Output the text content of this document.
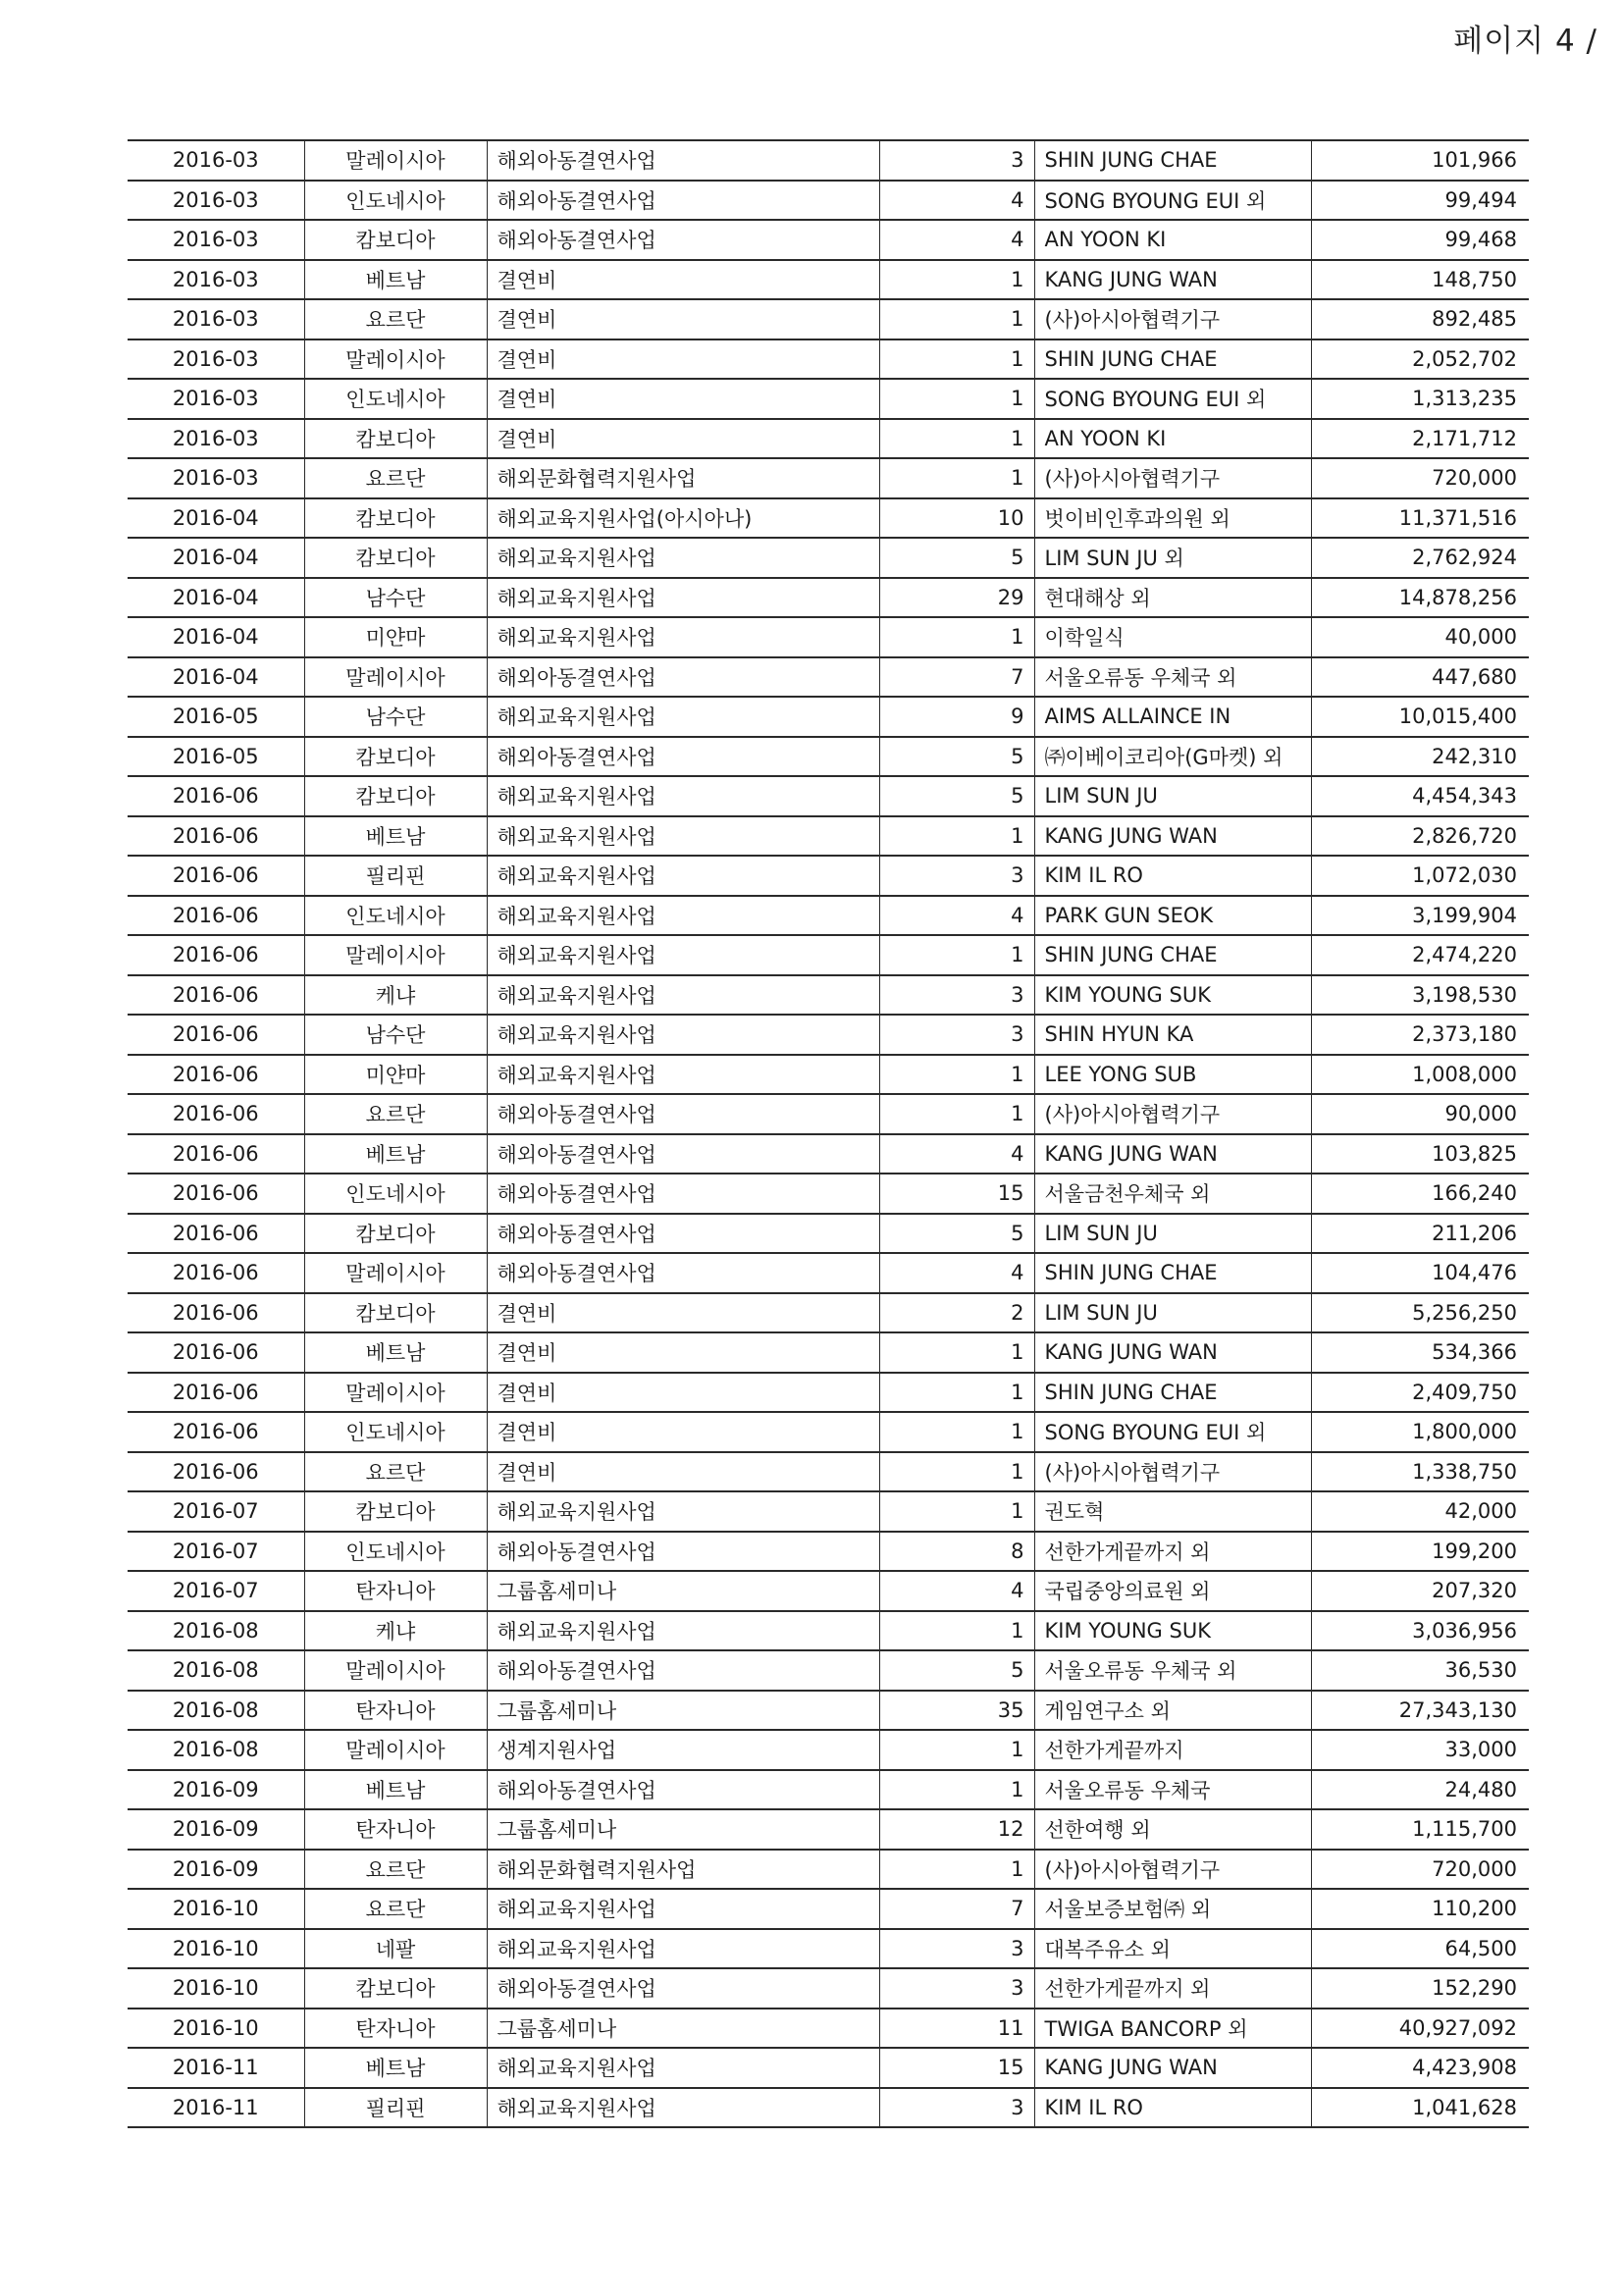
페이지 4 /
2016-03	말레이시아	해외아동결연사업	3	SHIN JUNG CHAE	101,966
2016-03	인도네시아	해외아동결연사업	4	SONG BYOUNG EUI 외	99,494
2016-03	캄보디아	해외아동결연사업	4	AN YOON KI	99,468
2016-03	베트남	결연비	1	KANG JUNG WAN	148,750
2016-03	요르단	결연비	1	(사)아시아협력기구	892,485
2016-03	말레이시아	결연비	1	SHIN JUNG CHAE	2,052,702
2016-03	인도네시아	결연비	1	SONG BYOUNG EUI 외	1,313,235
2016-03	캄보디아	결연비	1	AN YOON KI	2,171,712
2016-03	요르단	해외문화협력지원사업	1	(사)아시아협력기구	720,000
2016-04	캄보디아	해외교육지원사업(아시아나)	10	벗이비인후과의원 외	11,371,516
2016-04	캄보디아	해외교육지원사업	5	LIM SUN JU 외	2,762,924
2016-04	남수단	해외교육지원사업	29	현대해상 외	14,878,256
2016-04	미얀마	해외교육지원사업	1	이학일식	40,000
2016-04	말레이시아	해외아동결연사업	7	서울오류동 우체국 외	447,680
2016-05	남수단	해외교육지원사업	9	AIMS ALLAINCE IN	10,015,400
2016-05	캄보디아	해외아동결연사업	5	㈜이베이코리아(G마켓) 외	242,310
2016-06	캄보디아	해외교육지원사업	5	LIM SUN JU	4,454,343
2016-06	베트남	해외교육지원사업	1	KANG JUNG WAN	2,826,720
2016-06	필리핀	해외교육지원사업	3	KIM IL RO	1,072,030
2016-06	인도네시아	해외교육지원사업	4	PARK GUN SEOK	3,199,904
2016-06	말레이시아	해외교육지원사업	1	SHIN JUNG CHAE	2,474,220
2016-06	케냐	해외교육지원사업	3	KIM YOUNG SUK	3,198,530
2016-06	남수단	해외교육지원사업	3	SHIN HYUN KA	2,373,180
2016-06	미얀마	해외교육지원사업	1	LEE YONG SUB	1,008,000
2016-06	요르단	해외아동결연사업	1	(사)아시아협력기구	90,000
2016-06	베트남	해외아동결연사업	4	KANG JUNG WAN	103,825
2016-06	인도네시아	해외아동결연사업	15	서울금천우체국 외	166,240
2016-06	캄보디아	해외아동결연사업	5	LIM SUN JU	211,206
2016-06	말레이시아	해외아동결연사업	4	SHIN JUNG CHAE	104,476
2016-06	캄보디아	결연비	2	LIM SUN JU	5,256,250
2016-06	베트남	결연비	1	KANG JUNG WAN	534,366
2016-06	말레이시아	결연비	1	SHIN JUNG CHAE	2,409,750
2016-06	인도네시아	결연비	1	SONG BYOUNG EUI 외	1,800,000
2016-06	요르단	결연비	1	(사)아시아협력기구	1,338,750
2016-07	캄보디아	해외교육지원사업	1	권도혁	42,000
2016-07	인도네시아	해외아동결연사업	8	선한가게끝까지 외	199,200
2016-07	탄자니아	그룹홈세미나	4	국립중앙의료원 외	207,320
2016-08	케냐	해외교육지원사업	1	KIM YOUNG SUK	3,036,956
2016-08	말레이시아	해외아동결연사업	5	서울오류동 우체국 외	36,530
2016-08	탄자니아	그룹홈세미나	35	게임연구소 외	27,343,130
2016-08	말레이시아	생계지원사업	1	선한가게끝까지	33,000
2016-09	베트남	해외아동결연사업	1	서울오류동 우체국	24,480
2016-09	탄자니아	그룹홈세미나	12	선한여행 외	1,115,700
2016-09	요르단	해외문화협력지원사업	1	(사)아시아협력기구	720,000
2016-10	요르단	해외교육지원사업	7	서울보증보험㈜ 외	110,200
2016-10	네팔	해외교육지원사업	3	대복주유소 외	64,500
2016-10	캄보디아	해외아동결연사업	3	선한가게끝까지 외	152,290
2016-10	탄자니아	그룹홈세미나	11	TWIGA BANCORP 외	40,927,092
2016-11	베트남	해외교육지원사업	15	KANG JUNG WAN	4,423,908
2016-11	필리핀	해외교육지원사업	3	KIM IL RO	1,041,628
